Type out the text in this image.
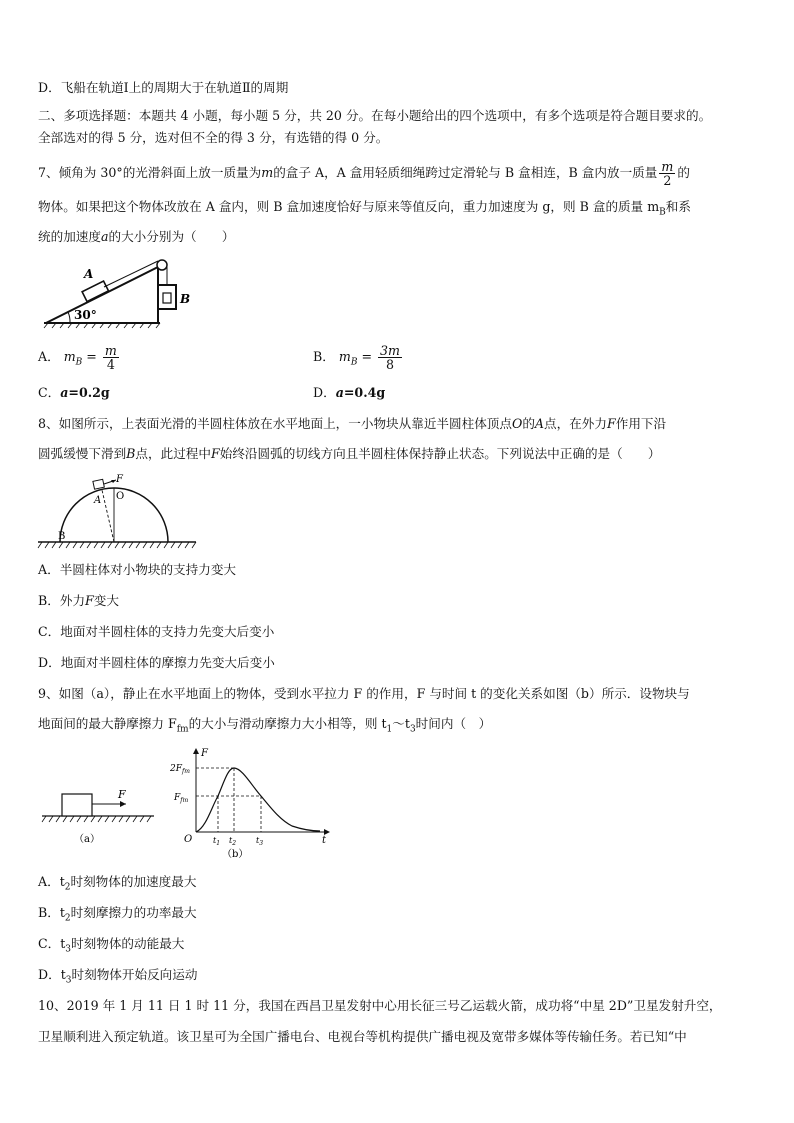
D．飞船在轨道Ⅰ上的周期大于在轨道Ⅱ的周期
二、多项选择题：本题共 4 小题，每小题 5 分，共 20 分。在每小题给出的四个选项中，有多个选项是符合题目要求的。
全部选对的得 5 分，选对但不全的得 3 分，有选错的得 0 分。
7、倾角为 30°的光滑斜面上放一质量为m的盒子 A，A 盒用轻质细绳跨过定滑轮与 B 盒相连，B 盒内放一质量 $\frac{m}{2}$ 的
物体。如果把这个物体改放在 A 盒内，则 B 盒加速度恰好与原来等值反向，重力加速度为 g，则 B 盒的质量 $m_B$和系
统的加速度a的大小分别为（　　）
30°
A
B
A． $m_B = \frac{m}{4}$	B． $m_B = \frac{3m}{8}$
C．a=0.2g	D．a=0.4g
8、如图所示，上表面光滑的半圆柱体放在水平地面上，一小物块从靠近半圆柱体顶点O的A点，在外力F作用下沿
圆弧缓慢下滑到B点，此过程中F始终沿圆弧的切线方向且半圆柱体保持静止状态。下列说法中正确的是（　　）
F
A O
B
A．半圆柱体对小物块的支持力变大
B．外力F变大
C．地面对半圆柱体的支持力先变大后变小
D．地面对半圆柱体的摩擦力先变大后变小
9、如图（a），静止在水平地面上的物体，受到水平拉力 F 的作用，F 与时间 t 的变化关系如图（b）所示．设物块与
地面间的最大静摩擦力 $F_{fm}$的大小与滑动摩擦力大小相等，则 $t_1\sim t_3$时间内（　）
F
（a）
F
t
O
$2F_{fm}$
$F_{fm}$
$t_1$ $t_2$ $t_3$
（b）
A．$t_2$时刻物体的加速度最大
B．$t_2$时刻摩擦力的功率最大
C．$t_3$时刻物体的动能最大
D．$t_3$时刻物体开始反向运动
10、2019 年 1 月 11 日 1 时 11 分，我国在西昌卫星发射中心用长征三号乙运载火箭，成功将“中星 2D”卫星发射升空，
卫星顺利进入预定轨道。该卫星可为全国广播电台、电视台等机构提供广播电视及宽带多媒体等传输任务。若已知“中
